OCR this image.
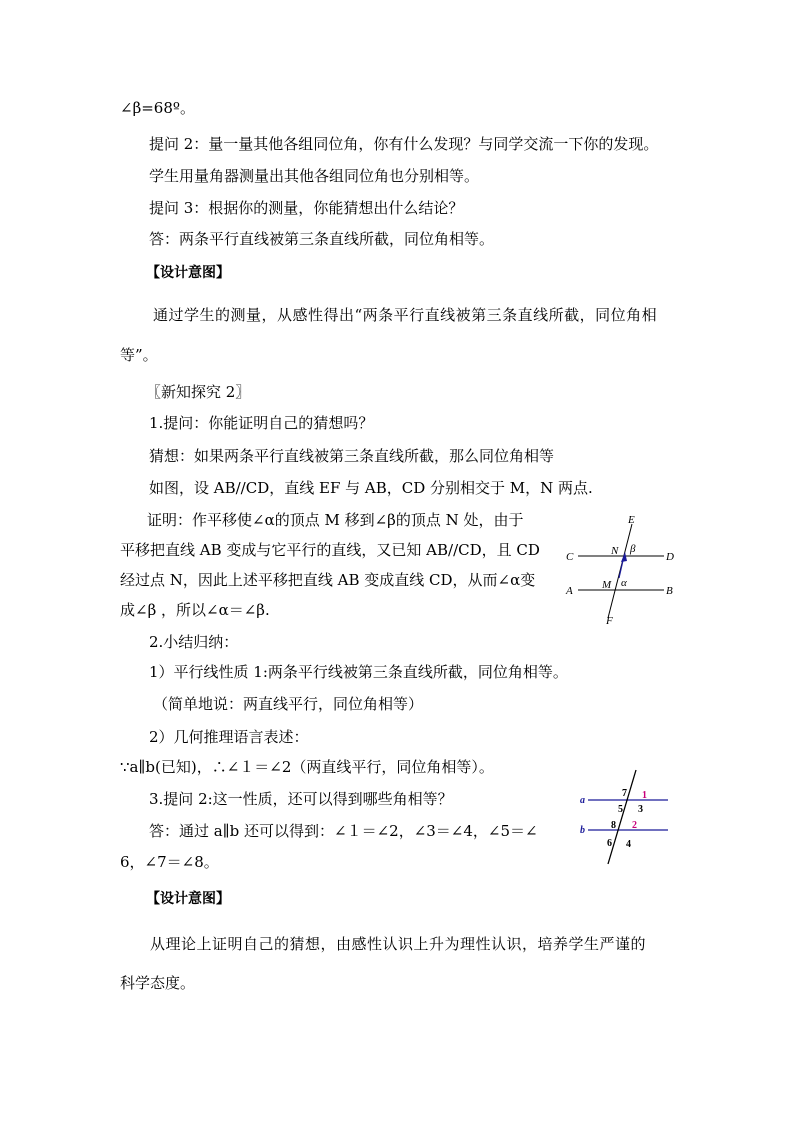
∠β=68º。
提问 2：量一量其他各组同位角，你有什么发现？与同学交流一下你的发现。
学生用量角器测量出其他各组同位角也分别相等。
提问 3：根据你的测量，你能猜想出什么结论？
答：两条平行直线被第三条直线所截，同位角相等。
【设计意图】
通过学生的测量，从感性得出“两条平行直线被第三条直线所截，同位角相
等”。
〖新知探究 2〗
1.提问：你能证明自己的猜想吗？
猜想：如果两条平行直线被第三条直线所截，那么同位角相等
如图，设 AB//CD，直线 EF 与 AB，CD 分别相交于 M，N 两点.
证明：作平移使∠α的顶点 M 移到∠β的顶点 N 处，由于
平移把直线 AB 变成与它平行的直线，又已知 AB//CD，且 CD
经过点 N，因此上述平移把直线 AB 变成直线 CD，从而∠α变
成∠β ，所以∠α＝∠β.
E
C	N β
D
M α
A	B
F
2.小结归纳：
1）平行线性质 1:两条平行线被第三条直线所截，同位角相等。
（简单地说：两直线平行，同位角相等）
2）几何推理语言表述：
∵a∥b(已知)，∴∠１＝∠2（两直线平行，同位角相等）。
3.提问 2:这一性质，还可以得到哪些角相等？
答：通过 a∥b 还可以得到：∠１＝∠2，∠3＝∠4，∠5＝∠
6，∠7＝∠8。
a
b
7 1
5 3
8 2
6 4
【设计意图】
从理论上证明自己的猜想，由感性认识上升为理性认识，培养学生严谨的
科学态度。
